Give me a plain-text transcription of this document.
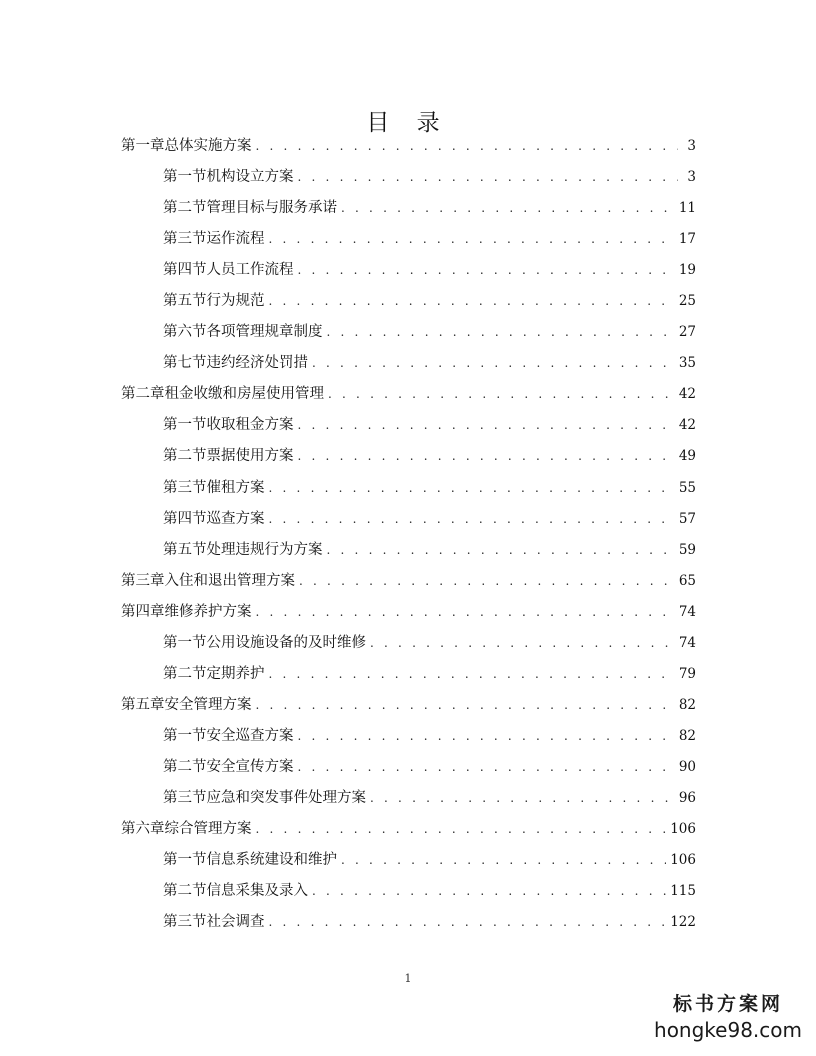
目 录
第一章总体实施方案 . . .	3
第一节机构设立方案 . . .	3
第二节管理目标与服务承诺 . . .	11
第三节运作流程 . . .	17
第四节人员工作流程 . . .	19
第五节行为规范 . . .	25
第六节各项管理规章制度 . . .	27
第七节违约经济处罚措 . . .	35
第二章租金收缴和房屋使用管理 . . .	42
第一节收取租金方案 . . .	42
第二节票据使用方案 . . .	49
第三节催租方案 . . .	55
第四节巡查方案 . . .	57
第五节处理违规行为方案 . . .	59
第三章入住和退出管理方案 . . .	65
第四章维修养护方案 . . .	74
第一节公用设施设备的及时维修 . . .	74
第二节定期养护 . . .	79
第五章安全管理方案 . . .	82
第一节安全巡查方案 . . .	82
第二节安全宣传方案 . . .	90
第三节应急和突发事件处理方案 . . .	96
第六章综合管理方案 . . .	106
第一节信息系统建设和维护 . . .	106
第二节信息采集及录入 . . .	115
第三节社会调查 . . .	122
1
标书方案网
hongke98.com
